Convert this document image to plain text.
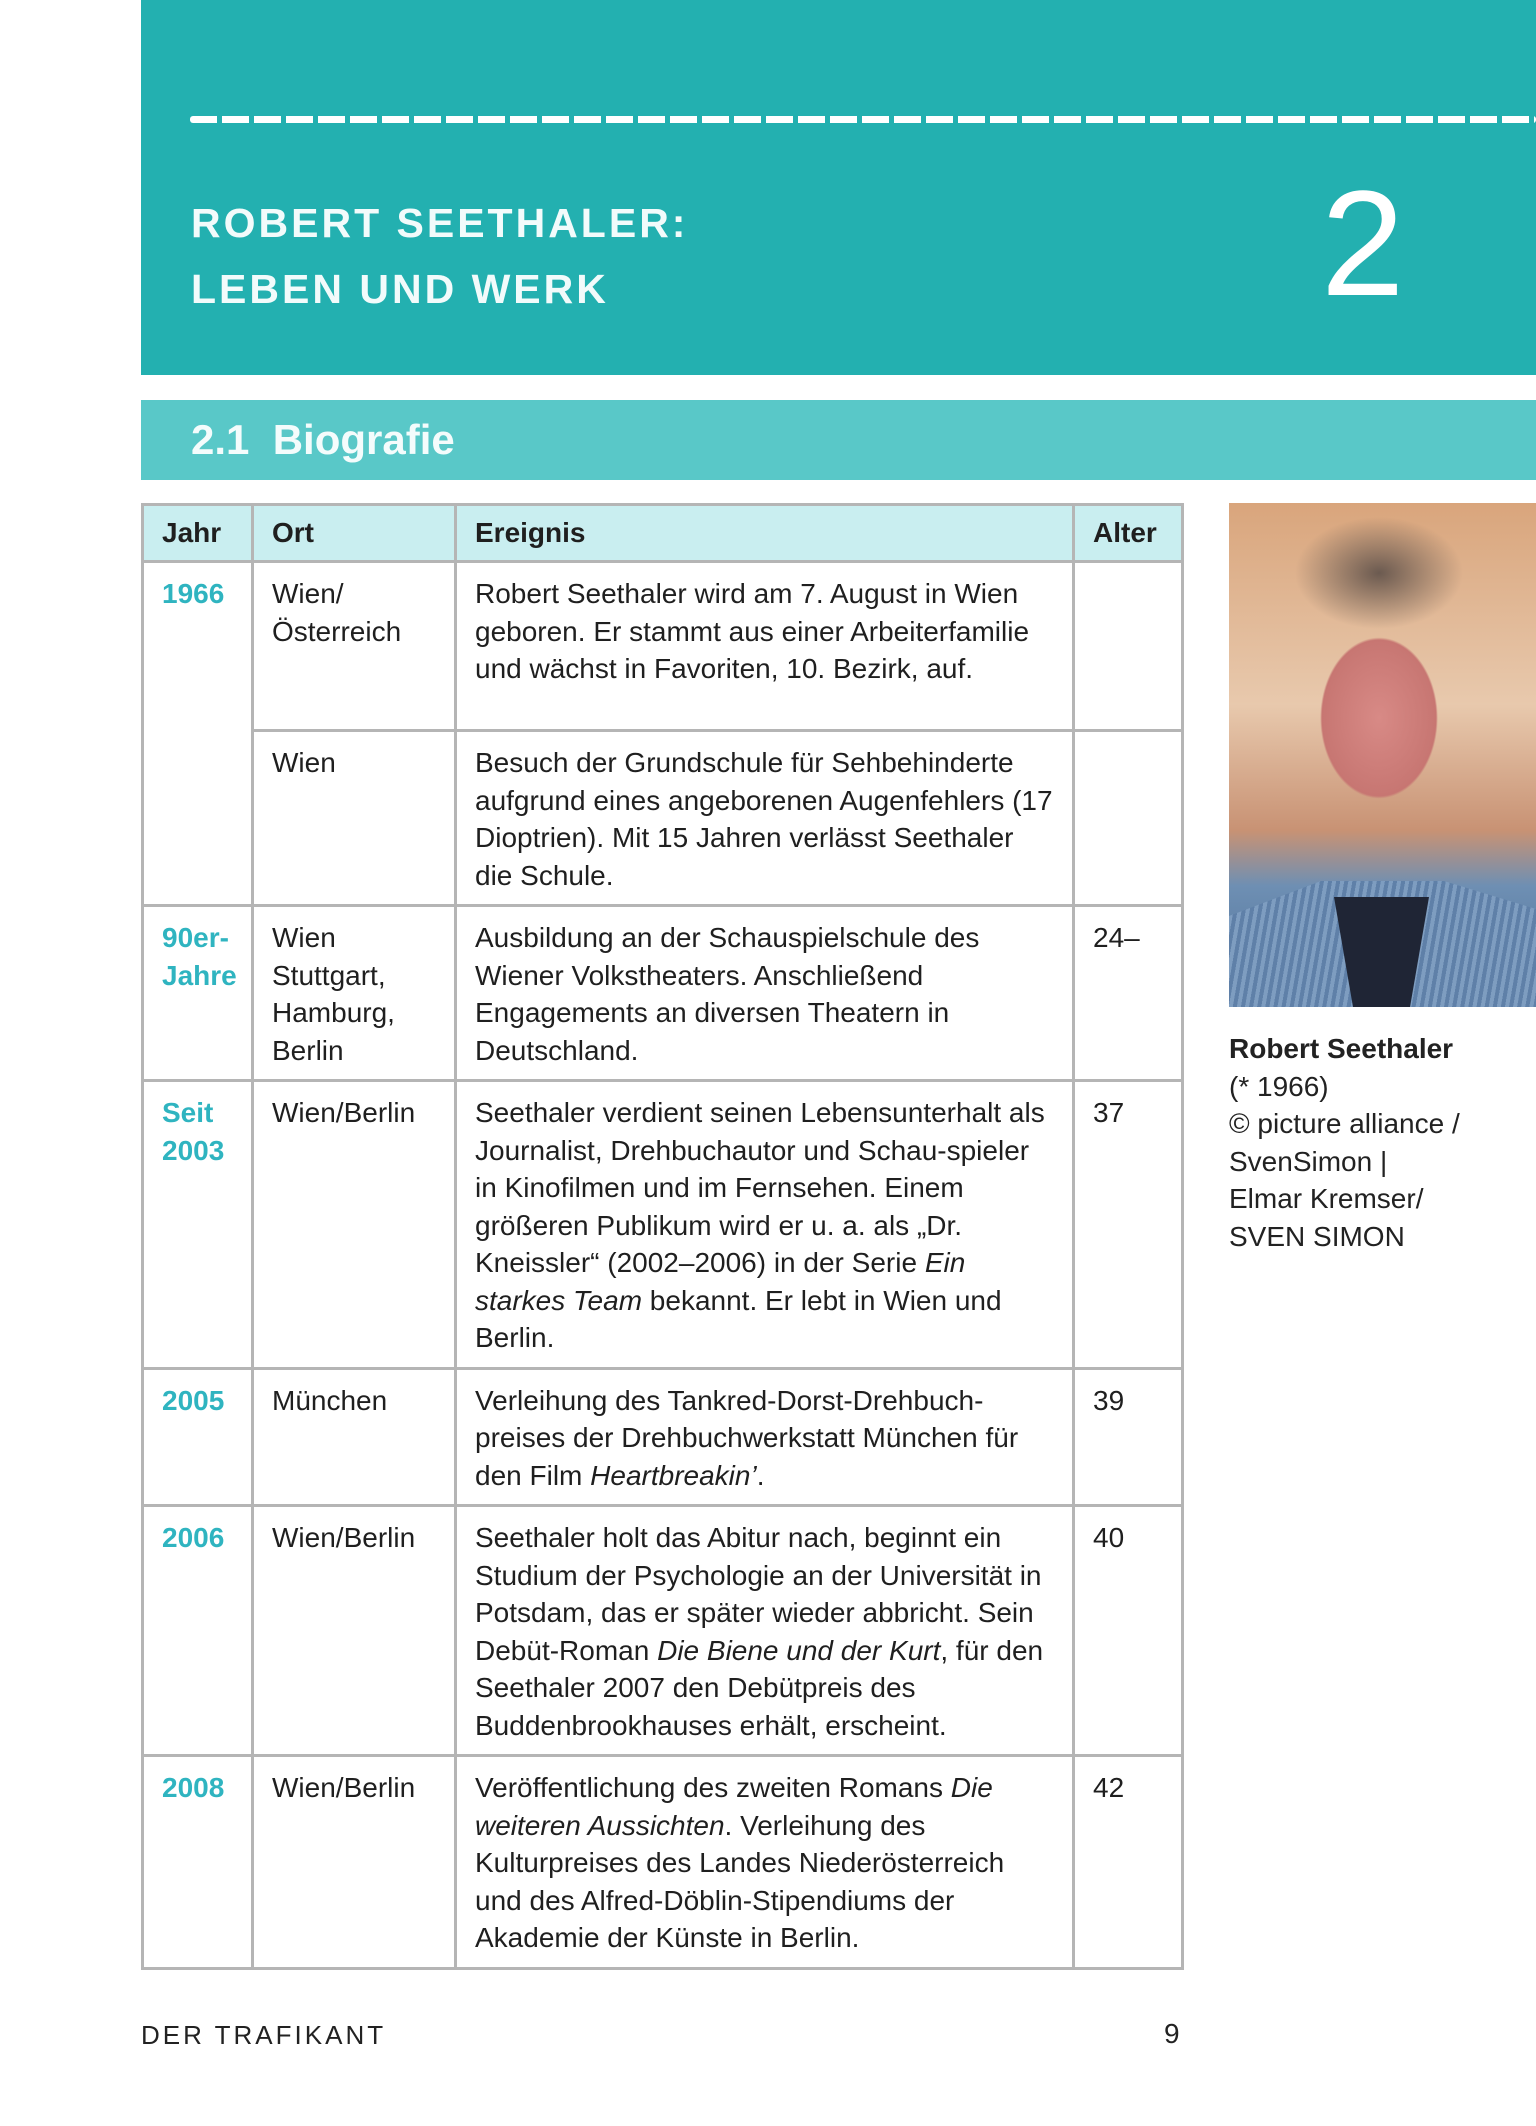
ROBERT SEETHALER:
LEBEN UND WERK	2
2.1  Biografie
Jahr	Ort	Ereignis	Alter
1966	Wien/ Österreich	Robert Seethaler wird am 7. August in Wien geboren. Er stammt aus einer Arbeiterfamilie und wächst in Favoriten, 10. Bezirk, auf.	
	Wien	Besuch der Grundschule für Sehbehinderte aufgrund eines angeborenen Augenfehlers (17 Dioptrien). Mit 15 Jahren verlässt Seethaler die Schule.	
90er-Jahre	Wien Stuttgart, Hamburg, Berlin	Ausbildung an der Schauspielschule des Wiener Volkstheaters. Anschließend Engagements an diversen Theatern in Deutschland.	24–
Seit 2003	Wien/Berlin	Seethaler verdient seinen Lebensunterhalt als Journalist, Drehbuchautor und Schau-spieler in Kinofilmen und im Fernsehen. Einem größeren Publikum wird er u. a. als „Dr. Kneissler“ (2002–2006) in der Serie Ein starkes Team bekannt. Er lebt in Wien und Berlin.	37
2005	München	Verleihung des Tankred-Dorst-Drehbuch-preises der Drehbuchwerkstatt München für den Film Heartbreakin’.	39
2006	Wien/Berlin	Seethaler holt das Abitur nach, beginnt ein Studium der Psychologie an der Universität in Potsdam, das er später wieder abbricht. Sein Debüt-Roman Die Biene und der Kurt, für den Seethaler 2007 den Debütpreis des Buddenbrookhauses erhält, erscheint.	40
2008	Wien/Berlin	Veröffentlichung des zweiten Romans Die weiteren Aussichten. Verleihung des Kulturpreises des Landes Niederösterreich und des Alfred-Döblin-Stipendiums der Akademie der Künste in Berlin.	42
Robert Seethaler
(* 1966)
© picture alliance /
SvenSimon |
Elmar Kremser/
SVEN SIMON
DER TRAFIKANT	9
